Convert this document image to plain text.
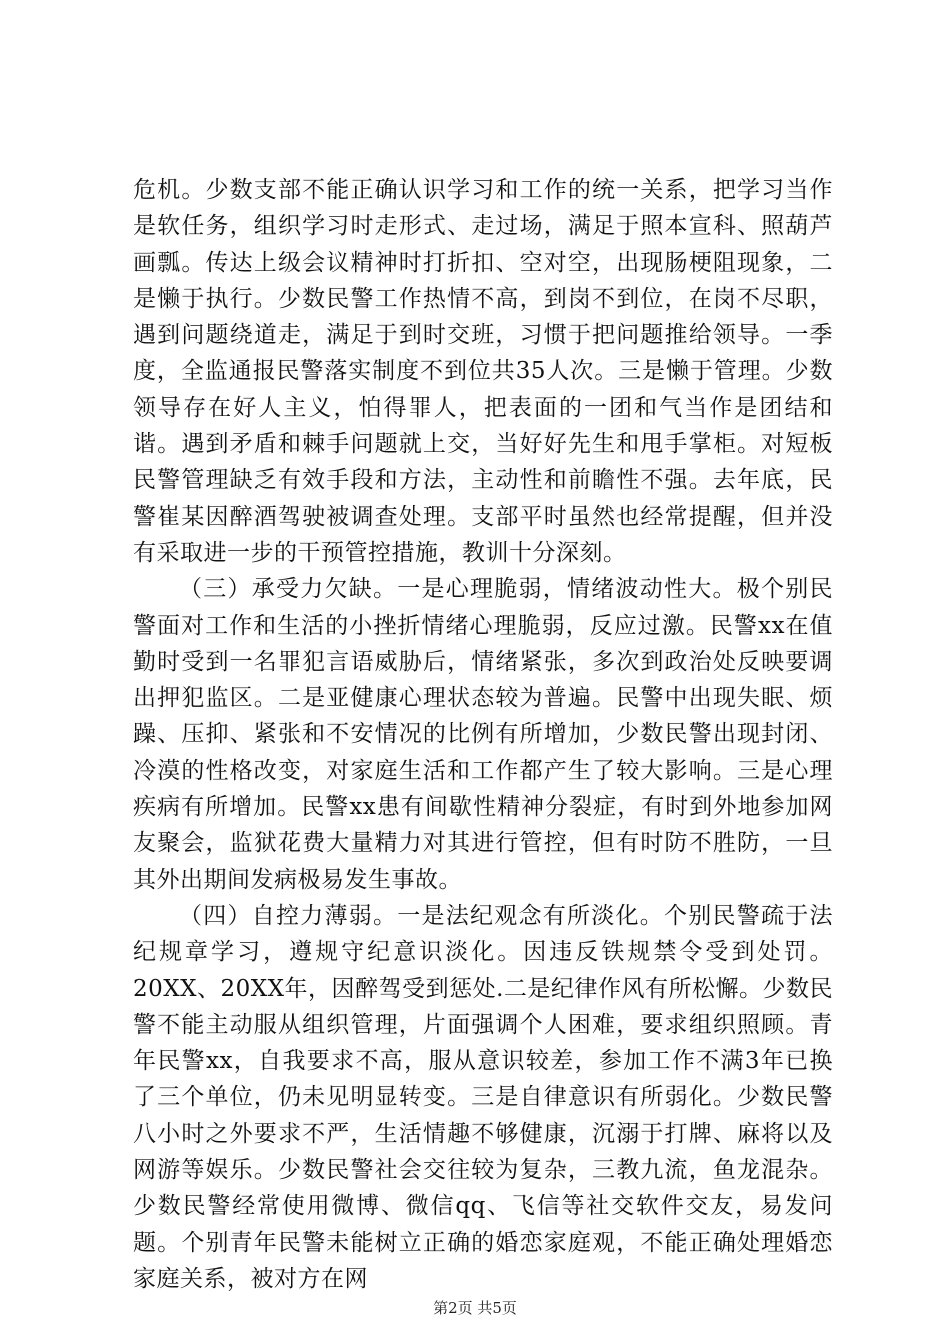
危机。少数支部不能正确认识学习和工作的统一关系，把学习当作是软任务，组织学习时走形式、走过场，满足于照本宣科、照葫芦画瓢。传达上级会议精神时打折扣、空对空，出现肠梗阻现象，二是懒于执行。少数民警工作热情不高，到岗不到位，在岗不尽职，遇到问题绕道走，满足于到时交班，习惯于把问题推给领导。一季度，全监通报民警落实制度不到位共35人次。三是懒于管理。少数领导存在好人主义，怕得罪人，把表面的一团和气当作是团结和谐。遇到矛盾和棘手问题就上交，当好好先生和甩手掌柜。对短板民警管理缺乏有效手段和方法，主动性和前瞻性不强。去年底，民警崔某因醉酒驾驶被调查处理。支部平时虽然也经常提醒，但并没有采取进一步的干预管控措施，教训十分深刻。

（三）承受力欠缺。一是心理脆弱，情绪波动性大。极个别民警面对工作和生活的小挫折情绪心理脆弱，反应过激。民警xx在值勤时受到一名罪犯言语威胁后，情绪紧张，多次到政治处反映要调出押犯监区。二是亚健康心理状态较为普遍。民警中出现失眠、烦躁、压抑、紧张和不安情况的比例有所增加，少数民警出现封闭、冷漠的性格改变，对家庭生活和工作都产生了较大影响。三是心理疾病有所增加。民警xx患有间歇性精神分裂症，有时到外地参加网友聚会，监狱花费大量精力对其进行管控，但有时防不胜防，一旦其外出期间发病极易发生事故。

（四）自控力薄弱。一是法纪观念有所淡化。个别民警疏于法纪规章学习，遵规守纪意识淡化。因违反铁规禁令受到处罚。20XX、20XX年，因醉驾受到惩处.二是纪律作风有所松懈。少数民警不能主动服从组织管理，片面强调个人困难，要求组织照顾。青年民警xx，自我要求不高，服从意识较差，参加工作不满3年已换了三个单位，仍未见明显转变。三是自律意识有所弱化。少数民警八小时之外要求不严，生活情趣不够健康，沉溺于打牌、麻将以及网游等娱乐。少数民警社会交往较为复杂，三教九流，鱼龙混杂。少数民警经常使用微博、微信qq、飞信等社交软件交友，易发问题。个别青年民警未能树立正确的婚恋家庭观，不能正确处理婚恋家庭关系，被对方在网

第2页 共5页
